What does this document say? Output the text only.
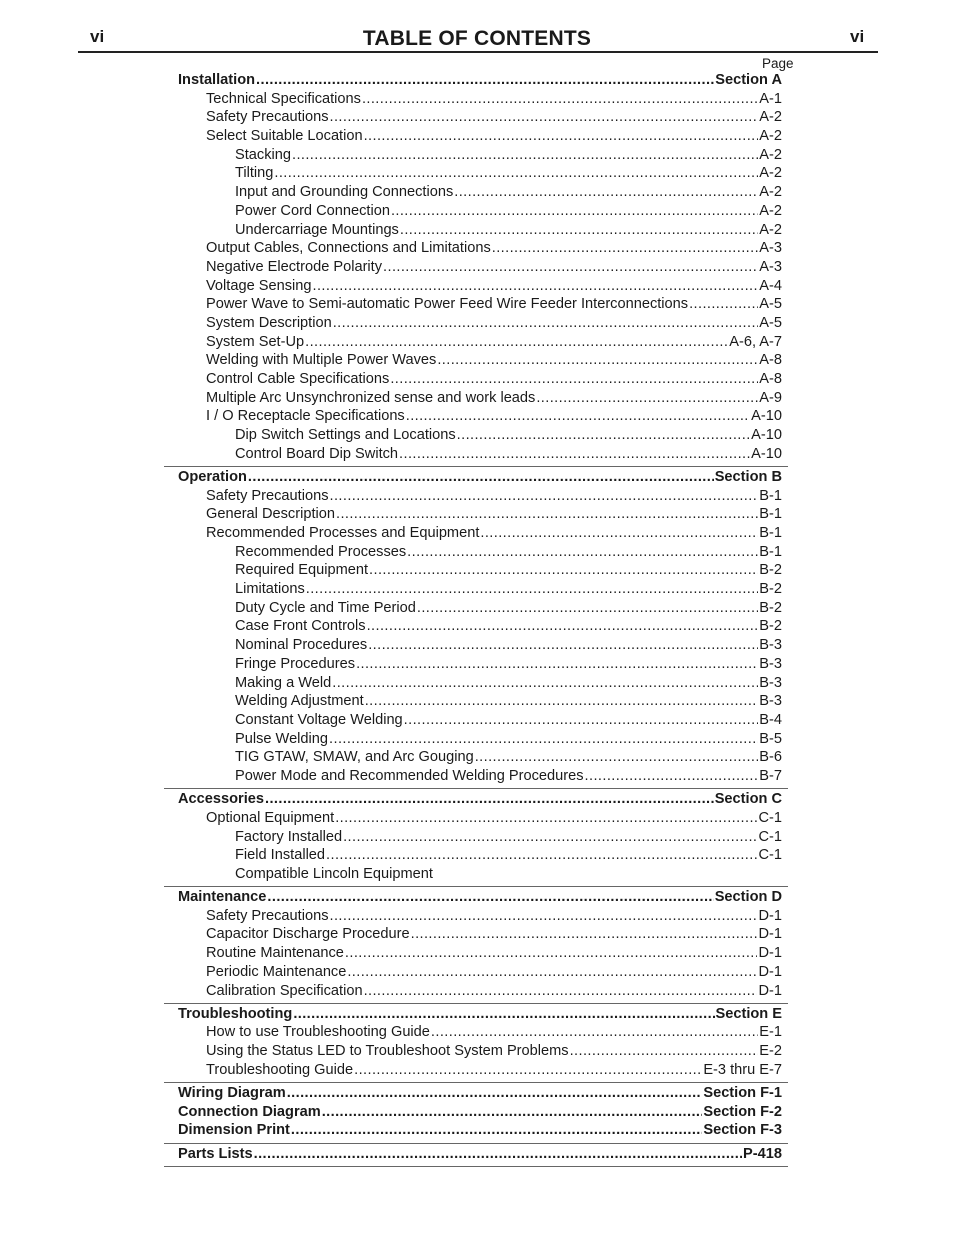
vi	TABLE OF CONTENTS	vi
Page
Installation .....	Section A
Technical Specifications .....	A-1
Safety Precautions .....	A-2
Select Suitable Location .....	A-2
Stacking .....	A-2
Tilting .....	A-2
Input and Grounding Connections .....	A-2
Power Cord Connection .....	A-2
Undercarriage Mountings .....	A-2
Output Cables, Connections and Limitations .....	A-3
Negative Electrode Polarity .....	A-3
Voltage Sensing .....	A-4
Power Wave to Semi-automatic Power Feed Wire Feeder Interconnections .....	A-5
System Description .....	A-5
System Set-Up .....	A-6, A-7
Welding with Multiple Power Waves .....	A-8
Control Cable Specifications .....	A-8
Multiple Arc Unsynchronized sense and work leads .....	A-9
I / O Receptacle Specifications .....	A-10
Dip Switch Settings and Locations .....	A-10
Control Board Dip Switch .....	A-10
Operation .....	Section B
Safety Precautions .....	B-1
General Description .....	B-1
Recommended Processes and Equipment .....	B-1
Recommended Processes .....	B-1
Required Equipment .....	B-2
Limitations .....	B-2
Duty Cycle and Time Period .....	B-2
Case Front Controls .....	B-2
Nominal Procedures .....	B-3
Fringe Procedures .....	B-3
Making a Weld .....	B-3
Welding Adjustment .....	B-3
Constant Voltage Welding .....	B-4
Pulse Welding .....	B-5
TIG GTAW, SMAW, and Arc Gouging .....	B-6
Power Mode and Recommended Welding Procedures .....	B-7
Accessories .....	Section C
Optional Equipment .....	C-1
Factory Installed .....	C-1
Field Installed .....	C-1
Compatible Lincoln Equipment
Maintenance .....	Section D
Safety Precautions .....	D-1
Capacitor Discharge Procedure .....	D-1
Routine Maintenance .....	D-1
Periodic Maintenance .....	D-1
Calibration Specification .....	D-1
Troubleshooting .....	Section E
How to use Troubleshooting Guide .....	E-1
Using the Status LED to Troubleshoot System Problems .....	E-2
Troubleshooting Guide .....	E-3 thru E-7
Wiring Diagram .....	Section F-1
Connection Diagram .....	Section F-2
Dimension Print .....	Section F-3
Parts Lists .....	P-418
